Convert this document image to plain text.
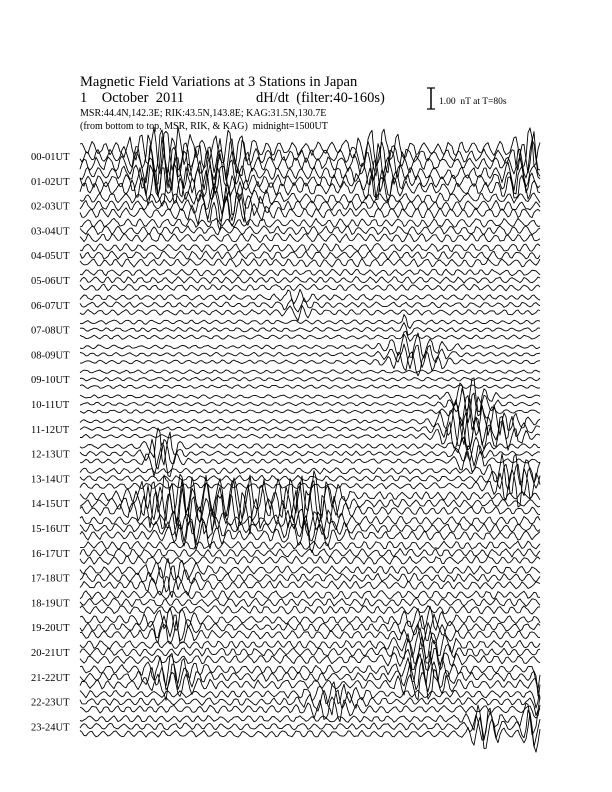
Magnetic Field Variations at 3 Stations in Japan
1    October  2011	dH/dt  (filter:40-160s)
MSR:44.4N,142.3E; RIK:43.5N,143.8E; KAG:31.5N,130.7E
(from bottom to top, MSR, RIK, & KAG)  midnight=1500UT
1.00  nT at T=80s
00-01UT
01-02UT
02-03UT
03-04UT
04-05UT
05-06UT
06-07UT
07-08UT
08-09UT
09-10UT
10-11UT
11-12UT
12-13UT
13-14UT
14-15UT
15-16UT
16-17UT
17-18UT
18-19UT
19-20UT
20-21UT
21-22UT
22-23UT
23-24UT
